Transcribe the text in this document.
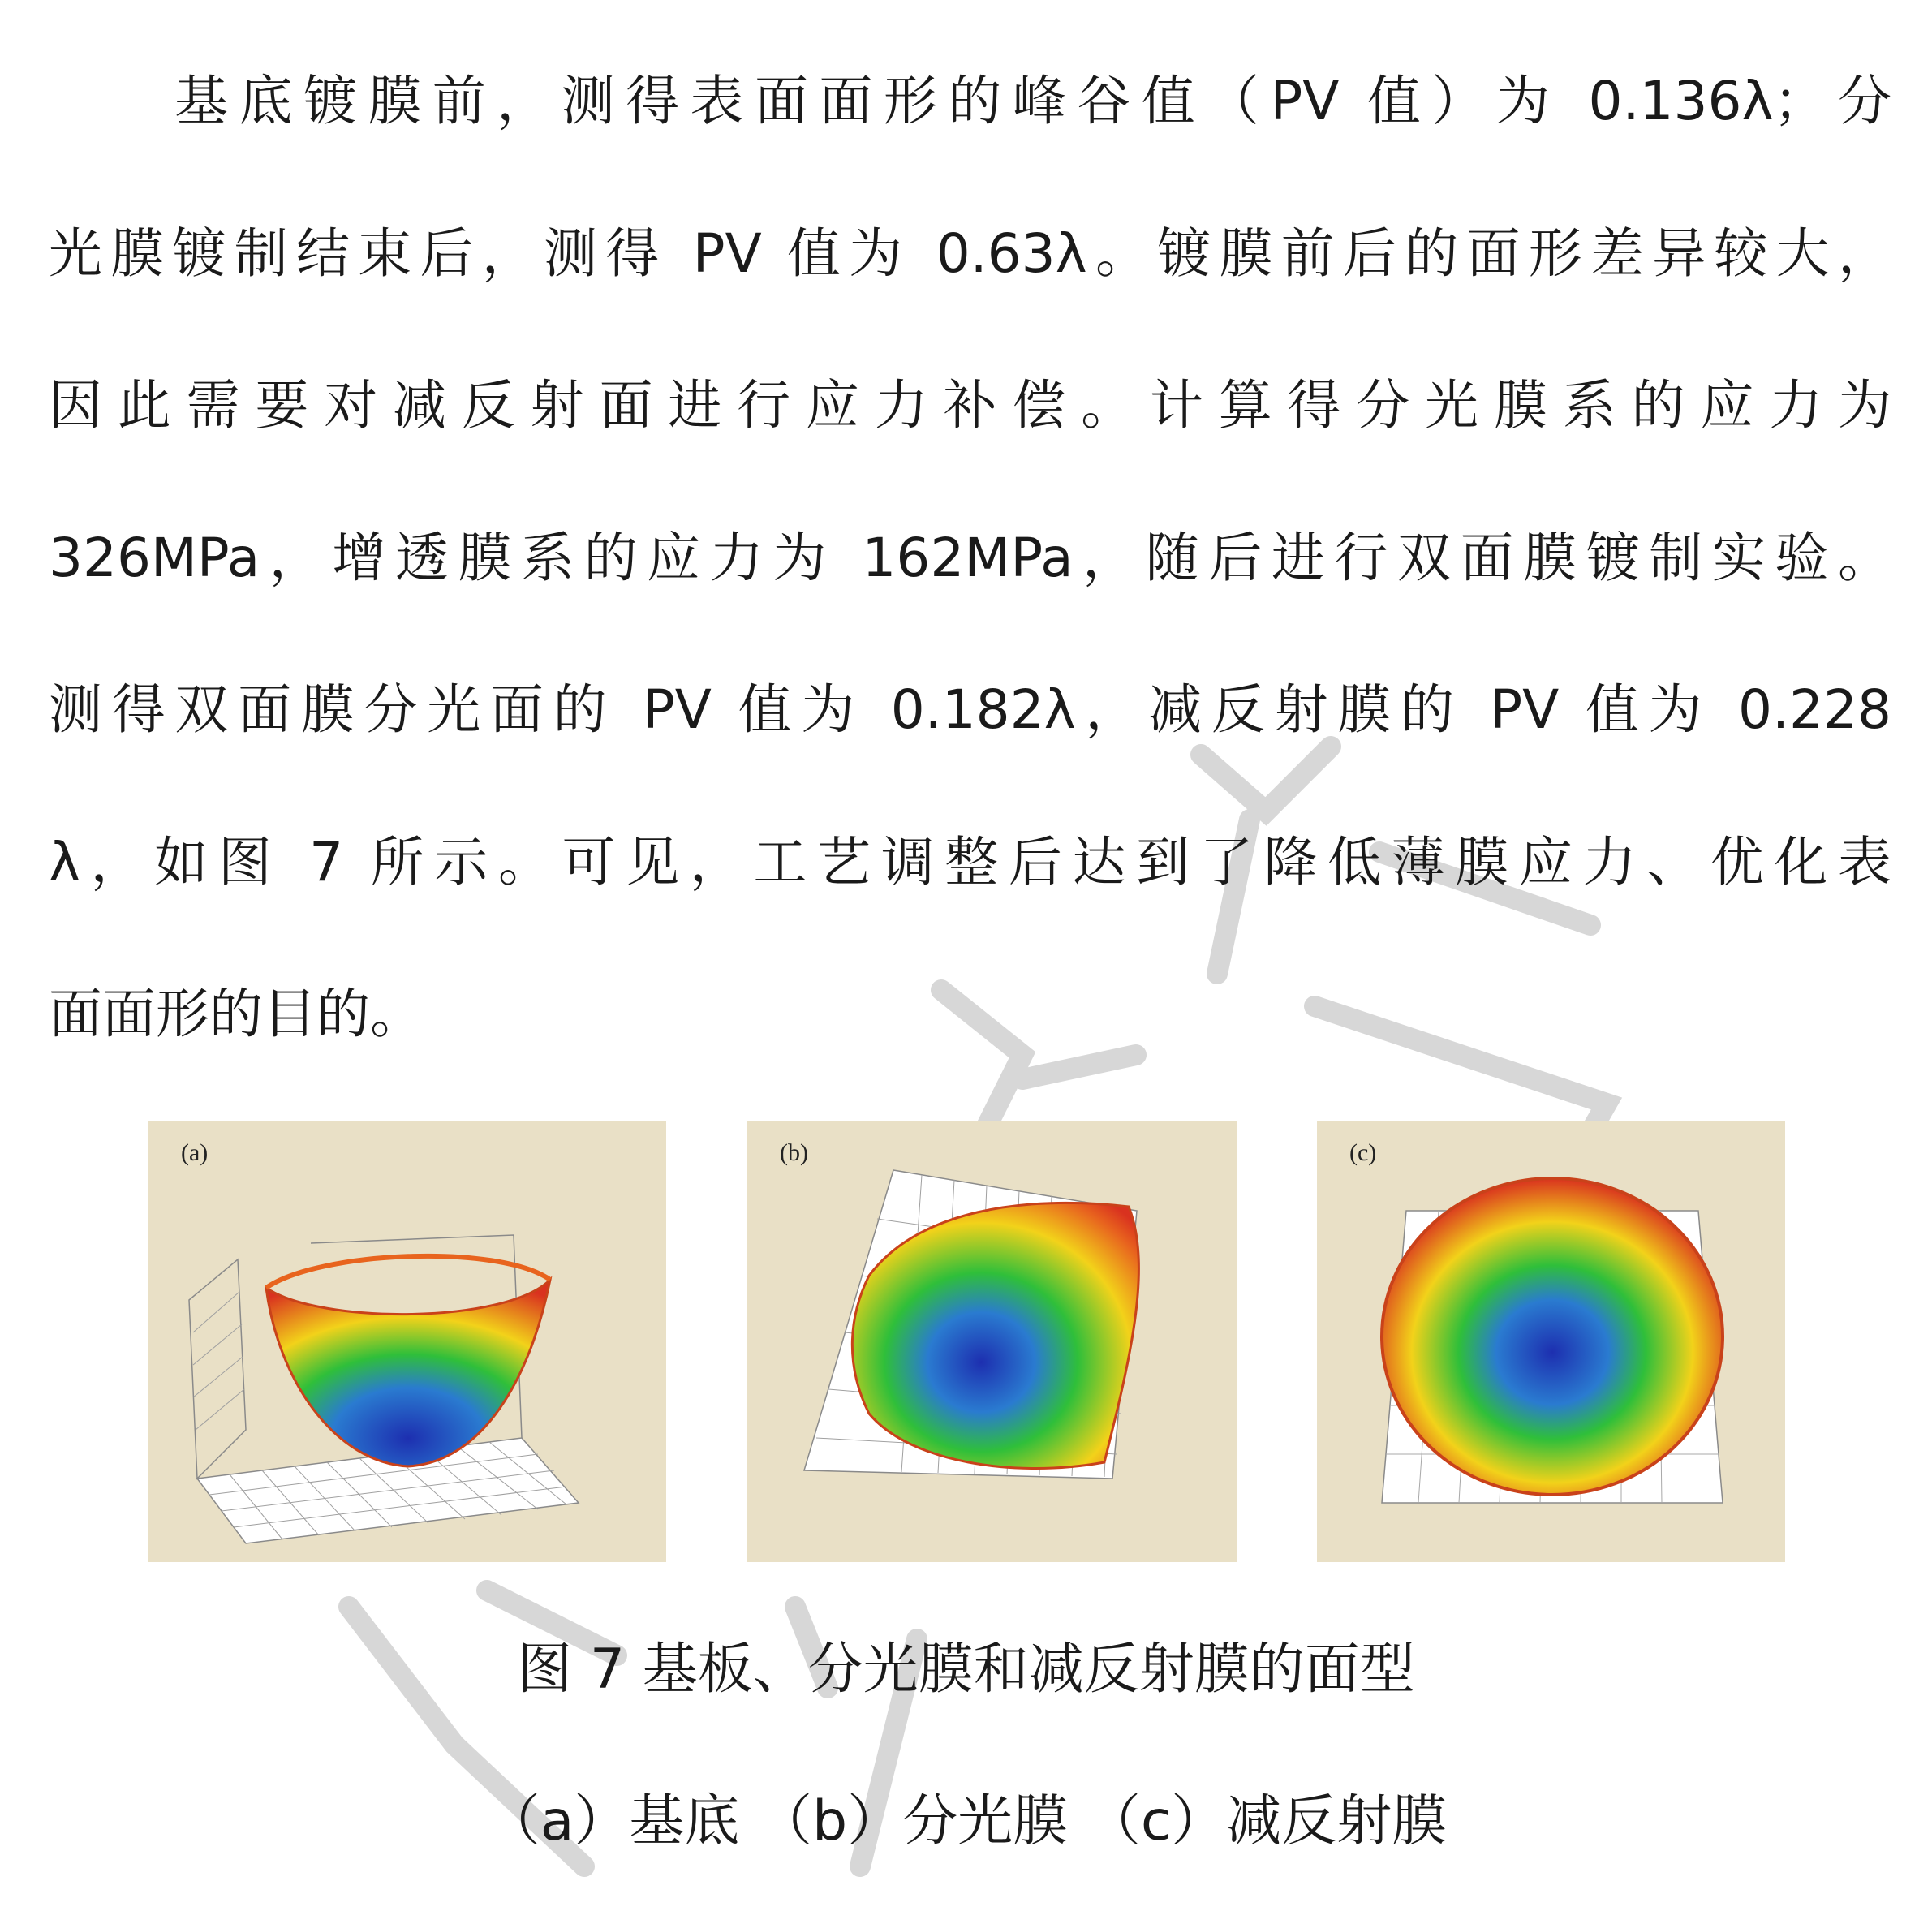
基底镀膜前，测得表面面形的峰谷值（PV 值）为 0.136λ；分
光膜镀制结束后，测得 PV 值为 0.63λ。镀膜前后的面形差异较大，
因此需要对减反射面进行应力补偿。计算得分光膜系的应力为
326MPa，增透膜系的应力为 162MPa，随后进行双面膜镀制实验。
测得双面膜分光面的 PV 值为 0.182λ，减反射膜的 PV 值为 0.228
λ，如图 7 所示。可见，工艺调整后达到了降低薄膜应力、优化表
面面形的目的。
(a)	(b)	(c)
图 7 基板、分光膜和减反射膜的面型
（a）基底 （b）分光膜 （c）减反射膜
